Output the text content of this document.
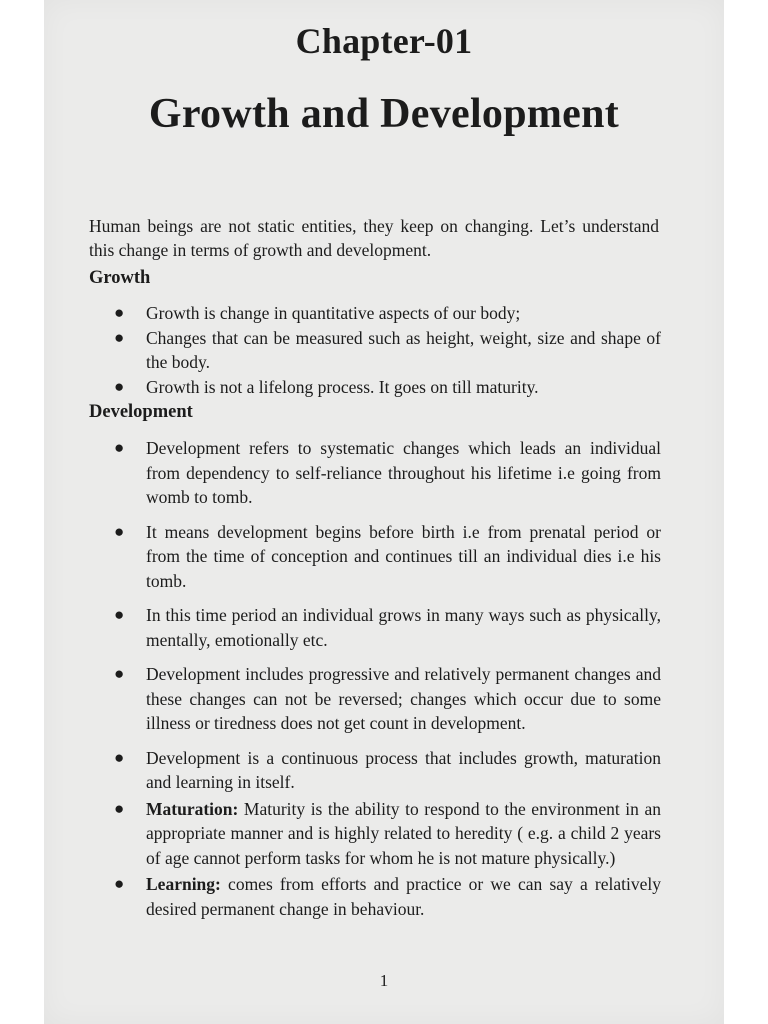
Chapter-01
Growth and Development
Human beings are not static entities, they keep on changing. Let’s understand this change in terms of growth and development.
Growth
● Growth is change in quantitative aspects of our body;
● Changes that can be measured such as height, weight, size and shape of the body.
● Growth is not a lifelong process. It goes on till maturity.
Development
● Development refers to systematic changes which leads an individual from dependency to self-reliance throughout his lifetime i.e going from womb to tomb.
● It means development begins before birth i.e from prenatal period or from the time of conception and continues till an individual dies i.e his tomb.
● In this time period an individual grows in many ways such as physically, mentally, emotionally etc.
● Development includes progressive and relatively permanent changes and these changes can not be reversed; changes which occur due to some illness or tiredness does not get count in development.
● Development is a continuous process that includes growth, maturation and learning in itself.
● Maturation: Maturity is the ability to respond to the environment in an appropriate manner and is highly related to heredity ( e.g. a child 2 years of age cannot perform tasks for whom he is not mature physically.)
● Learning: comes from efforts and practice or we can say a relatively desired permanent change in behaviour.
1
